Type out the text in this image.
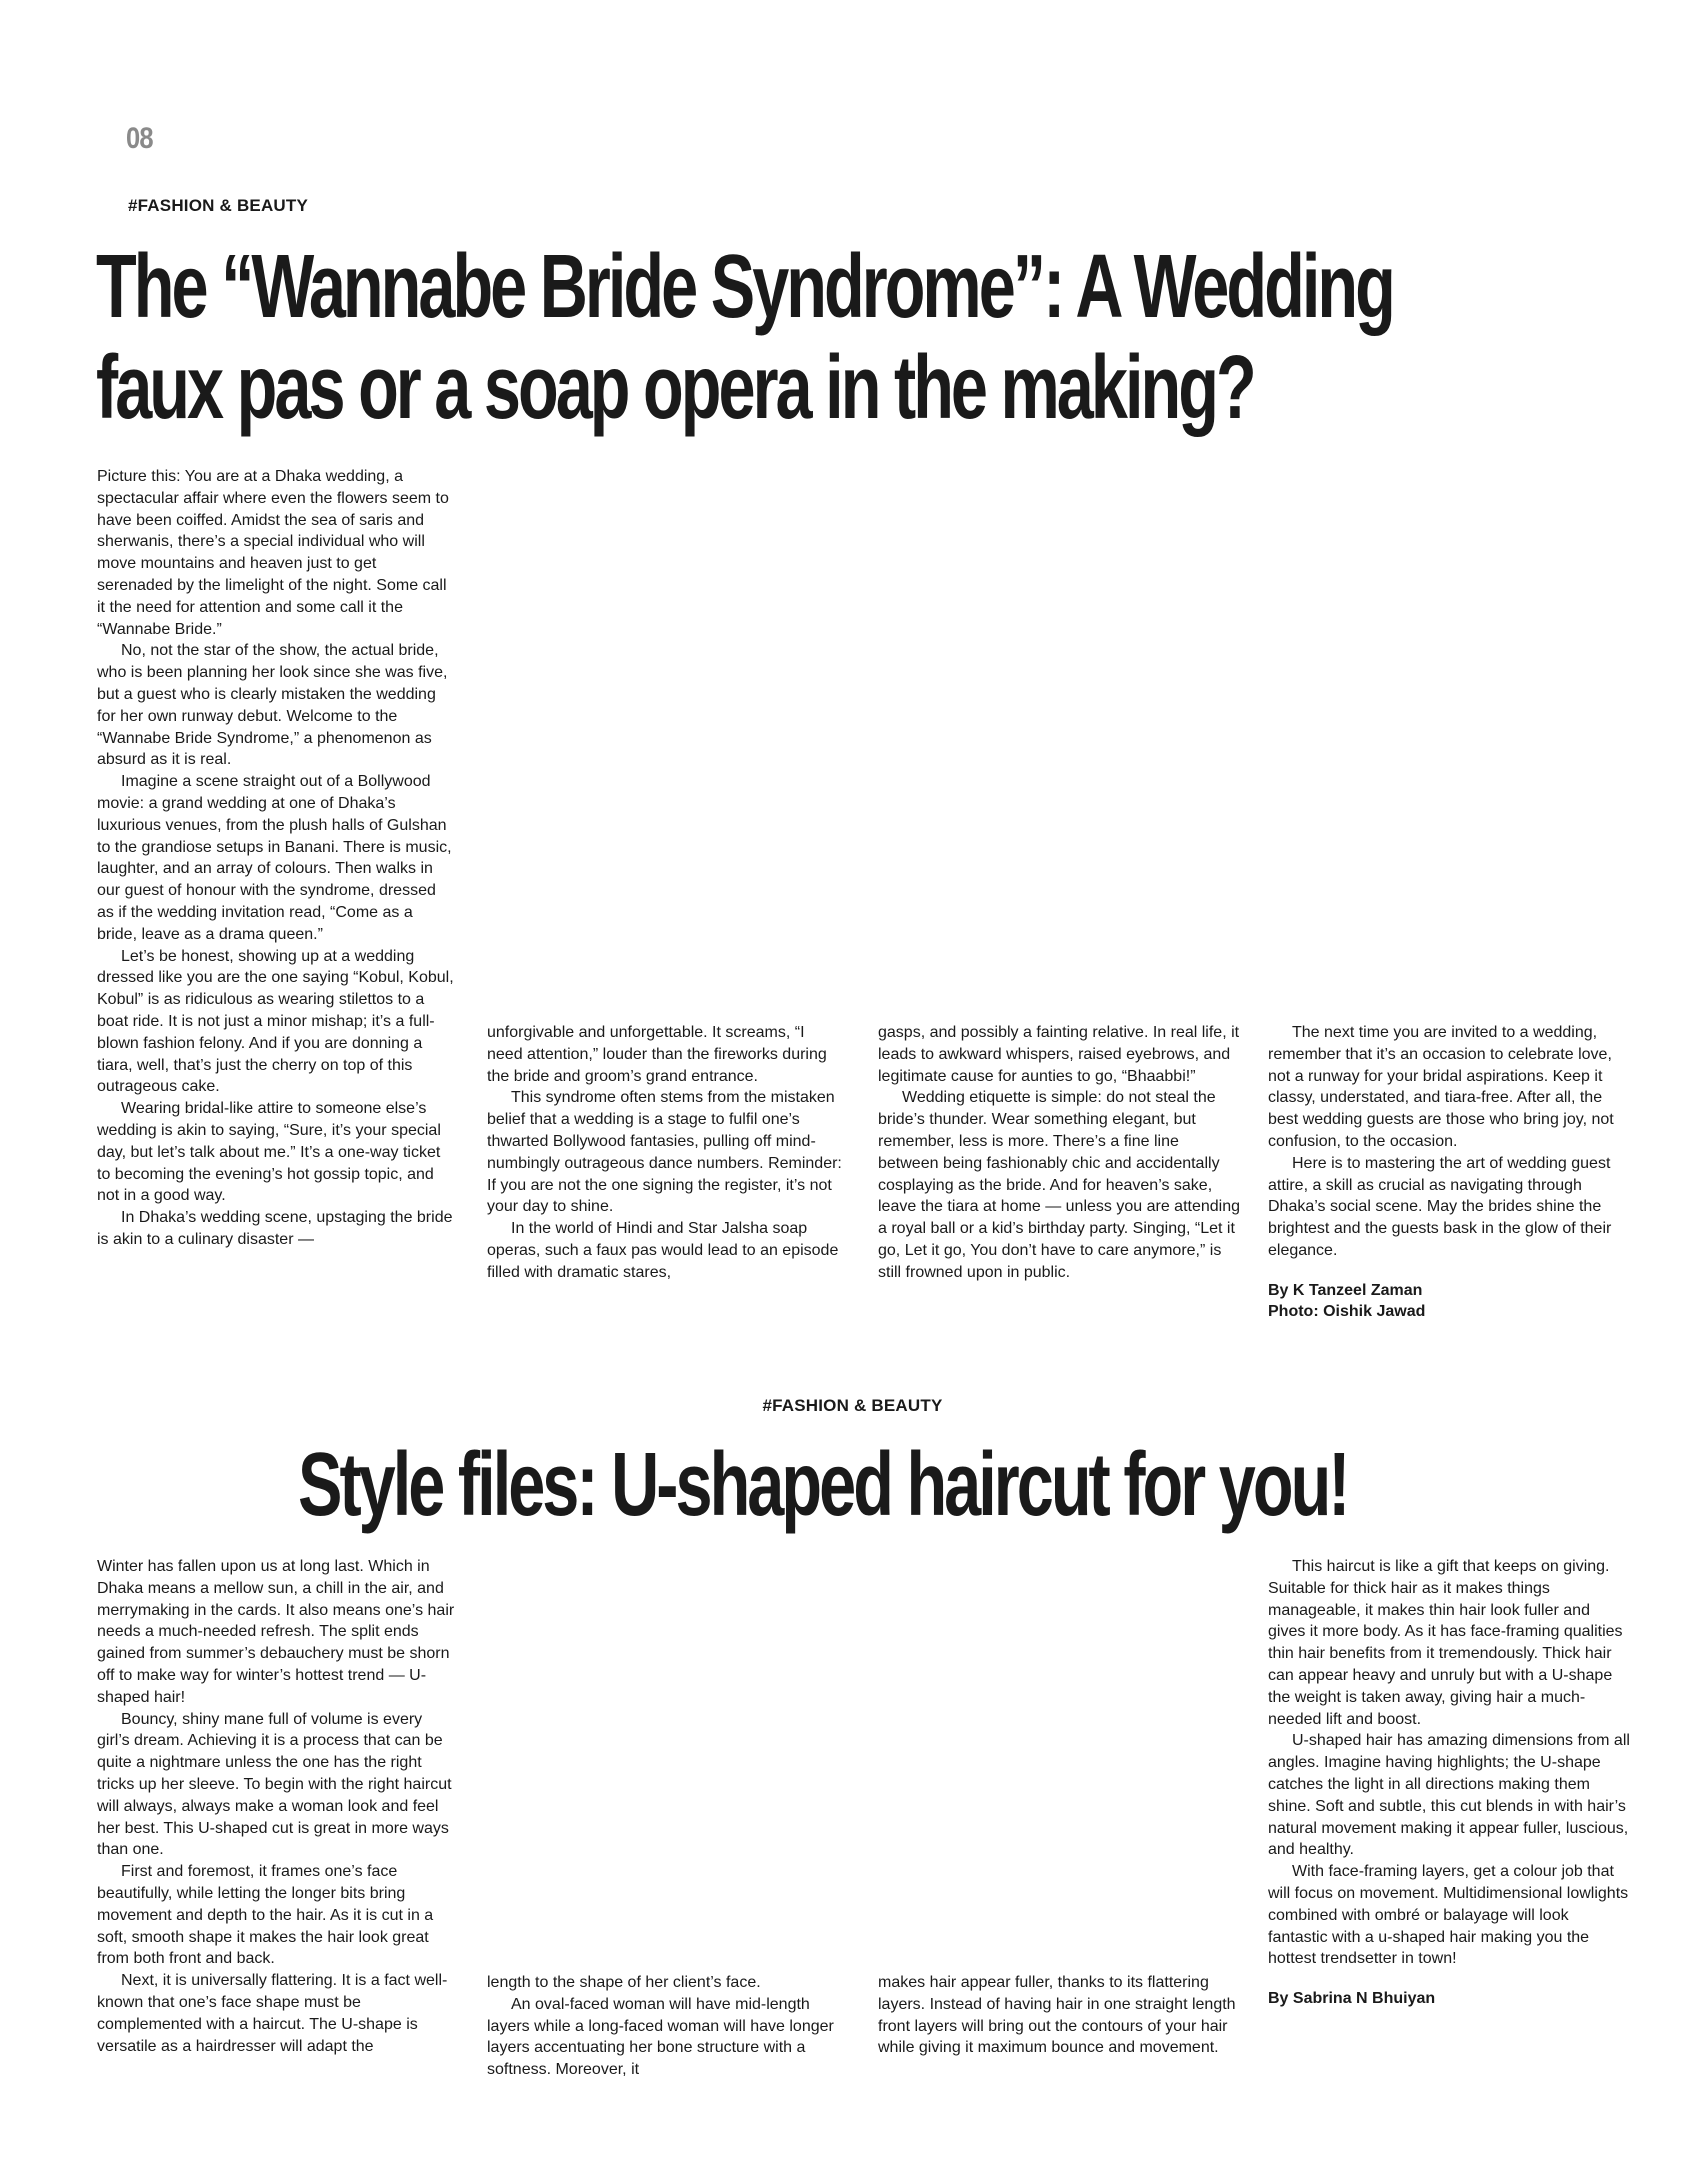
08
#FASHION & BEAUTY
The “Wannabe Bride Syndrome”: A Wedding
faux pas or a soap opera in the making?

Picture this: You are at a Dhaka wedding, a spectacular affair where even the flowers seem to have been coiffed. Amidst the sea of saris and sherwanis, there’s a special individual who will move mountains and heaven just to get serenaded by the limelight of the night. Some call it the need for attention and some call it the “Wannabe Bride.”

No, not the star of the show, the actual bride, who is been planning her look since she was five, but a guest who is clearly mistaken the wedding for her own runway debut. Welcome to the “Wannabe Bride Syndrome,” a phenomenon as absurd as it is real.

Imagine a scene straight out of a Bollywood movie: a grand wedding at one of Dhaka’s luxurious venues, from the plush halls of Gulshan to the grandiose setups in Banani. There is music, laughter, and an array of colours. Then walks in our guest of honour with the syndrome, dressed as if the wedding invitation read, “Come as a bride, leave as a drama queen.”

Let’s be honest, showing up at a wedding dressed like you are the one saying “Kobul, Kobul, Kobul” is as ridiculous as wearing stilettos to a boat ride. It is not just a minor mishap; it’s a full-blown fashion felony. And if you are donning a tiara, well, that’s just the cherry on top of this outrageous cake.

Wearing bridal-like attire to someone else’s wedding is akin to saying, “Sure, it’s your special day, but let’s talk about me.” It’s a one-way ticket to becoming the evening’s hot gossip topic, and not in a good way.

In Dhaka’s wedding scene, upstaging the bride is akin to a culinary disaster —

unforgivable and unforgettable. It screams, “I need attention,” louder than the fireworks during the bride and groom’s grand entrance.

This syndrome often stems from the mistaken belief that a wedding is a stage to fulfil one’s thwarted Bollywood fantasies, pulling off mind-numbingly outrageous dance numbers. Reminder: If you are not the one signing the register, it’s not your day to shine.

In the world of Hindi and Star Jalsha soap operas, such a faux pas would lead to an episode filled with dramatic stares,

gasps, and possibly a fainting relative. In real life, it leads to awkward whispers, raised eyebrows, and legitimate cause for aunties to go, “Bhaabbi!”

Wedding etiquette is simple: do not steal the bride’s thunder. Wear something elegant, but remember, less is more. There’s a fine line between being fashionably chic and accidentally cosplaying as the bride. And for heaven’s sake, leave the tiara at home — unless you are attending a royal ball or a kid’s birthday party. Singing, “Let it go, Let it go, You don’t have to care anymore,” is still frowned upon in public.

The next time you are invited to a wedding, remember that it’s an occasion to celebrate love, not a runway for your bridal aspirations. Keep it classy, understated, and tiara-free. After all, the best wedding guests are those who bring joy, not confusion, to the occasion.

Here is to mastering the art of wedding guest attire, a skill as crucial as navigating through Dhaka’s social scene. May the brides shine the brightest and the guests bask in the glow of their elegance.

By K Tanzeel Zaman
Photo: Oishik Jawad
#FASHION & BEAUTY
Style files: U-shaped haircut for you!

Winter has fallen upon us at long last. Which in Dhaka means a mellow sun, a chill in the air, and merrymaking in the cards. It also means one’s hair needs a much-needed refresh. The split ends gained from summer’s debauchery must be shorn off to make way for winter’s hottest trend — U-shaped hair!

Bouncy, shiny mane full of volume is every girl’s dream. Achieving it is a process that can be quite a nightmare unless the one has the right tricks up her sleeve. To begin with the right haircut will always, always make a woman look and feel her best. This U-shaped cut is great in more ways than one.

First and foremost, it frames one’s face beautifully, while letting the longer bits bring movement and depth to the hair. As it is cut in a soft, smooth shape it makes the hair look great from both front and back.

Next, it is universally flattering. It is a fact well-known that one’s face shape must be complemented with a haircut. The U-shape is versatile as a hairdresser will adapt the

length to the shape of her client’s face.

An oval-faced woman will have mid-length layers while a long-faced woman will have longer layers accentuating her bone structure with a softness. Moreover, it

makes hair appear fuller, thanks to its flattering layers. Instead of having hair in one straight length front layers will bring out the contours of your hair while giving it maximum bounce and movement.

This haircut is like a gift that keeps on giving. Suitable for thick hair as it makes things manageable, it makes thin hair look fuller and gives it more body. As it has face-framing qualities thin hair benefits from it tremendously. Thick hair can appear heavy and unruly but with a U-shape the weight is taken away, giving hair a much-needed lift and boost.

U-shaped hair has amazing dimensions from all angles. Imagine having highlights; the U-shape catches the light in all directions making them shine. Soft and subtle, this cut blends in with hair’s natural movement making it appear fuller, luscious, and healthy.

With face-framing layers, get a colour job that will focus on movement. Multidimensional lowlights combined with ombré or balayage will look fantastic with a u-shaped hair making you the hottest trendsetter in town!

By Sabrina N Bhuiyan
